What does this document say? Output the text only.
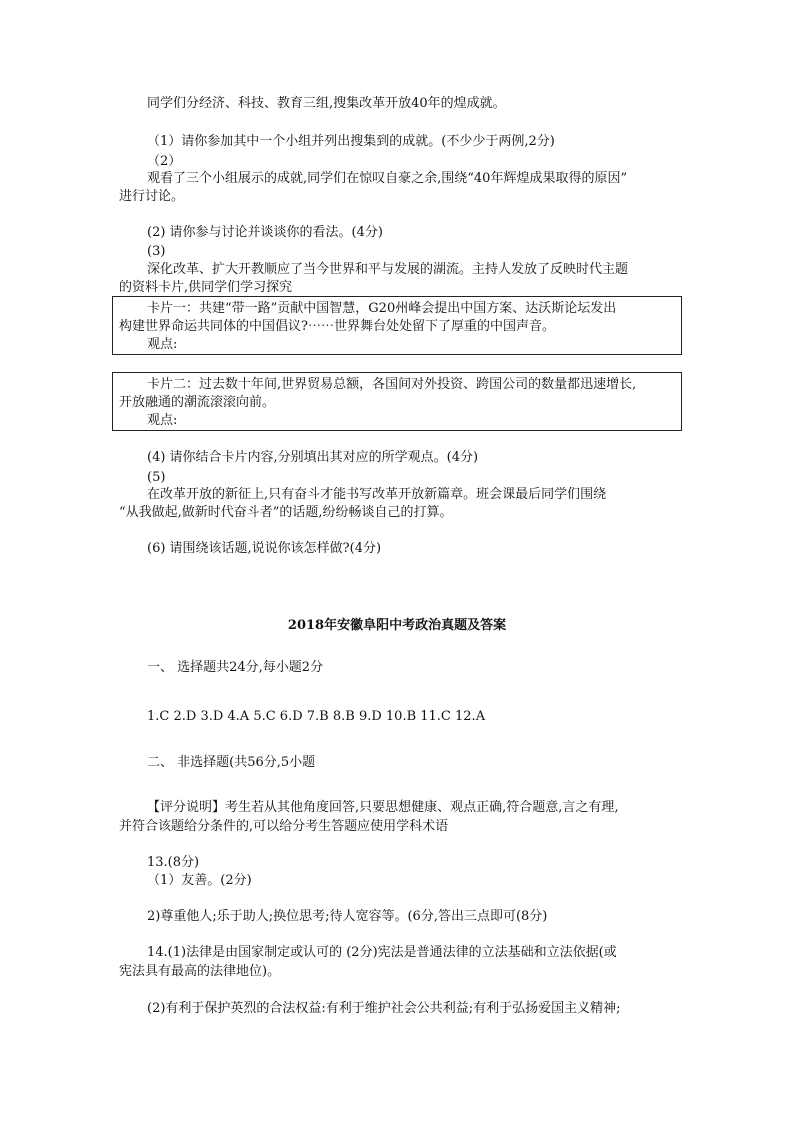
同学们分经济、科技、教育三组,搜集改革开放40年的煌成就。
（1）请你参加其中一个小组并列出搜集到的成就。(不少少于两例,2分)
（2）
观看了三个小组展示的成就,同学们在惊叹自豪之余,围绕“40年辉煌成果取得的原因”
进行讨论。
(2) 请你参与讨论并谈谈你的看法。(4分)
(3)
深化改革、扩大开教顺应了当今世界和平与发展的湖流。主持人发放了反映时代主题
的资料卡片,供同学们学习探究
卡片一：共建“带一路”贡献中国智慧，G20州峰会提出中国方案、达沃斯论坛发出
构建世界命运共同体的中国倡议?⋯⋯世界舞台处处留下了厚重的中国声音。
观点:
卡片二：过去数十年间,世界贸易总额，各国间对外投资、跨国公司的数量都迅速增长,
开放融通的潮流滚滚向前。
观点:
(4) 请你结合卡片内容,分别填出其对应的所学观点。(4分)
(5)
在改革开放的新征上,只有奋斗才能书写改革开放新篇章。班会课最后同学们围绕
“从我做起,做新时代奋斗者”的话题,纷纷畅谈自己的打算。
(6) 请围绕该话题,说说你该怎样做?(4分)
2018年安徽阜阳中考政治真题及答案
一、 选择题共24分,每小题2分
1.C 2.D 3.D 4.A 5.C 6.D 7.B 8.B 9.D 10.B 11.C 12.A
二、 非选择题(共56分,5小题
【评分说明】考生若从其他角度回答,只要思想健康、观点正确,符合题意,言之有理,
并符合该题给分条件的,可以给分考生答题应使用学科术语
13.(8分)
（1）友善。(2分)
2)尊重他人;乐于助人;换位思考;待人宽容等。(6分,答出三点即可(8分)
14.(1)法律是由国家制定或认可的 (2分)宪法是普通法律的立法基础和立法依据(或
宪法具有最高的法律地位)。
(2)有利于保护英烈的合法权益:有利于维护社会公共利益;有利于弘扬爱国主义精神;
